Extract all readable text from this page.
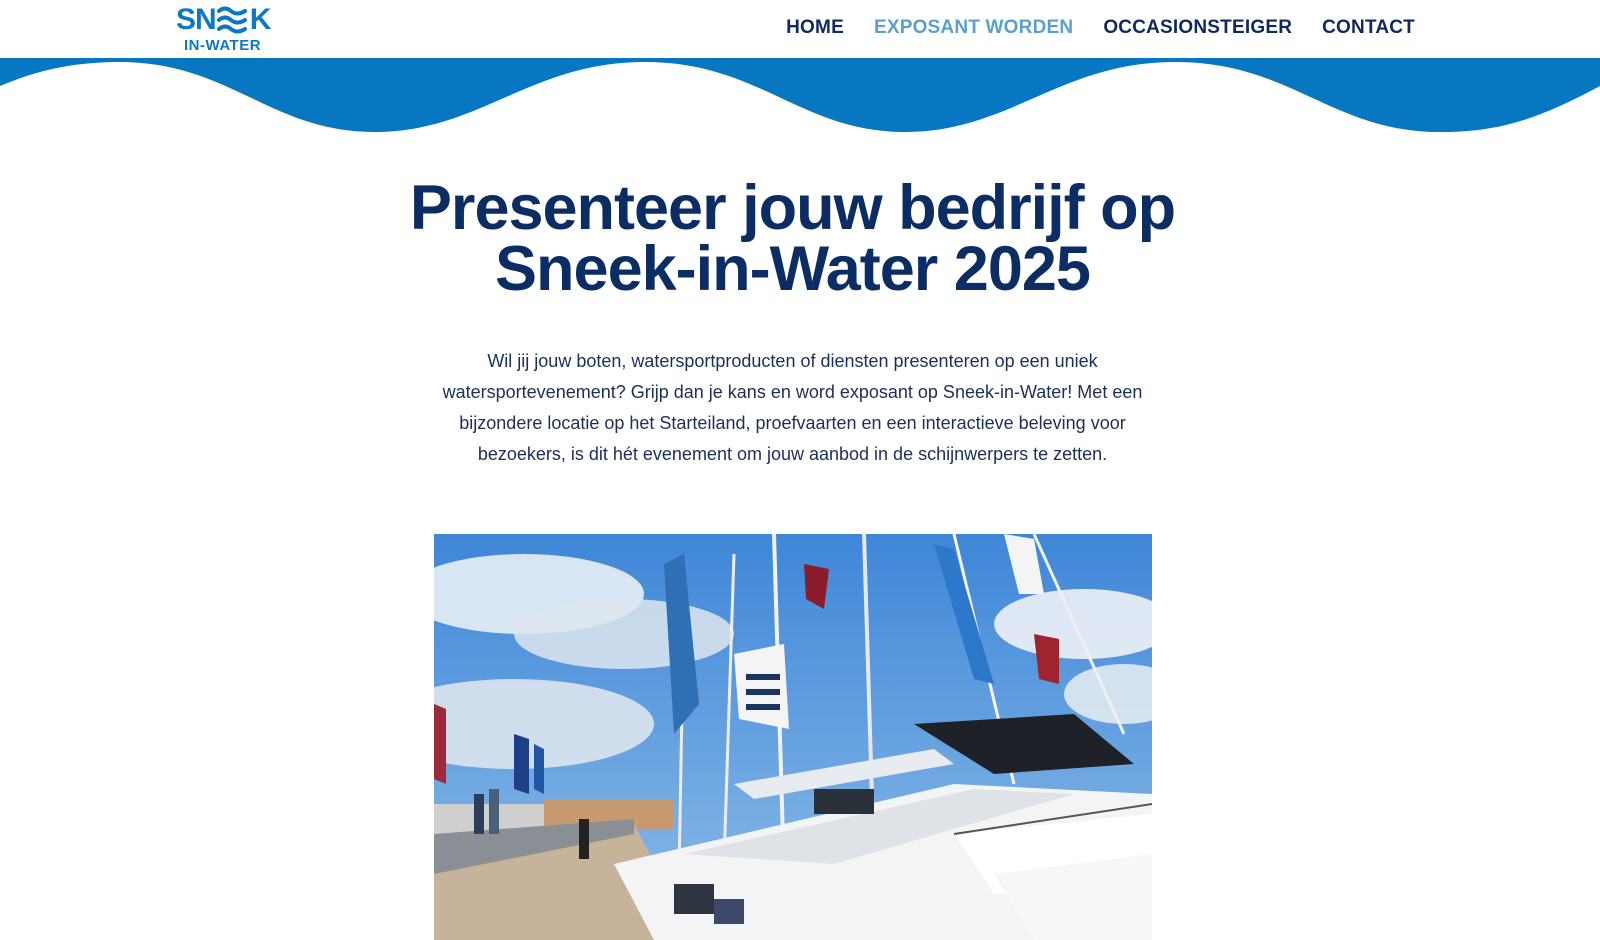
SN K
IN-WATER
HOME EXPOSANT WORDEN OCCASIONSTEIGER CONTACT
Presenteer jouw bedrijf op Sneek-in-Water 2025

Wil jij jouw boten, watersportproducten of diensten presenteren op een uniek watersportevenement? Grijp dan je kans en word exposant op Sneek-in-Water! Met een bijzondere locatie op het Starteiland, proefvaarten en een interactieve beleving voor bezoekers, is dit hét evenement om jouw aanbod in de schijnwerpers te zetten.
